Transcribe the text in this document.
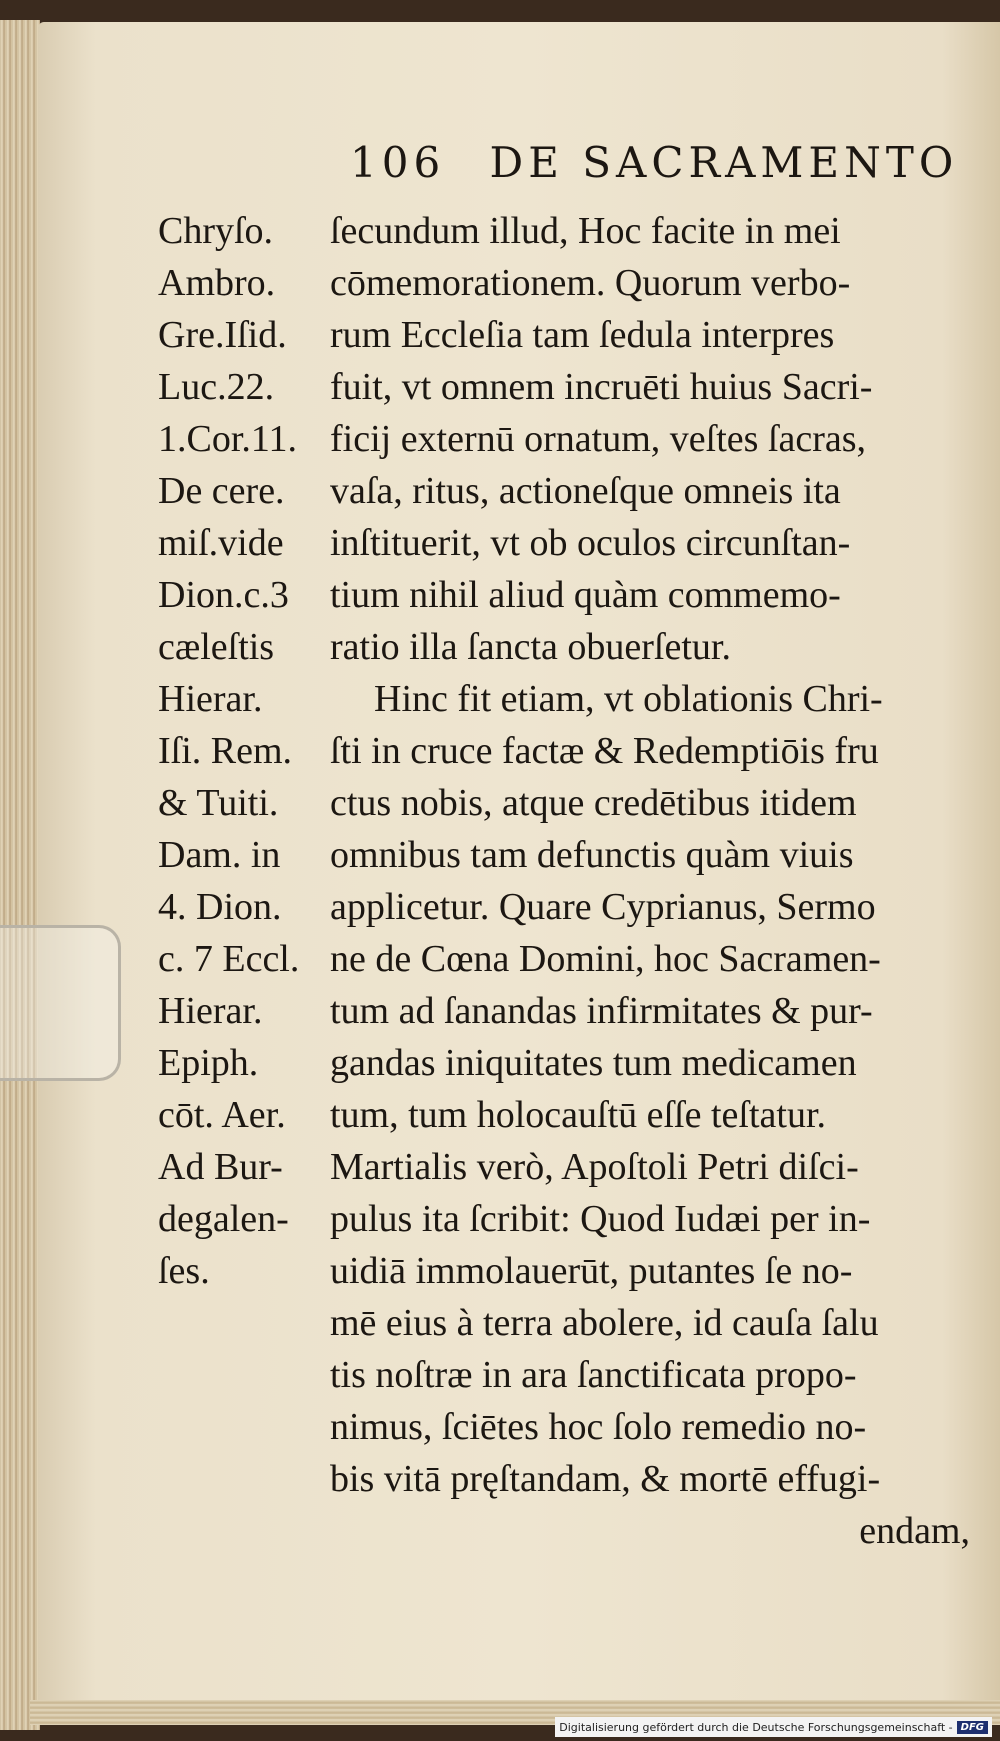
106 DE SACRAMENTO
Chryſo.
Ambro.
Gre.Iſid.
Luc.22.
1.Cor.11.
De cere.
miſ.vide
Dion.c.3
cæleſtis
Hierar.
Iſi. Rem.
& Tuiti.
Dam. in
4. Dion.
c. 7 Eccl.
Hierar.
Epiph.
cōt. Aer.
Ad Bur-
degalen-
ſes.
ſecundum illud, Hoc facite in mei
cōmemorationem. Quorum verbo-
rum Eccleſia tam ſedula interpres
fuit, vt omnem incruēti huius Sacri-
ficij externū ornatum, veſtes ſacras,
vaſa, ritus, actioneſque omneis ita
inſtituerit, vt ob oculos circunſtan-
tium nihil aliud quàm commemo-
ratio illa ſancta obuerſetur.
Hinc fit etiam, vt oblationis Chri-
ſti in cruce factæ & Redemptiōis fru
ctus nobis, atque credētibus itidem
omnibus tam defunctis quàm viuis
applicetur. Quare Cyprianus, Sermo
ne de Cœna Domini, hoc Sacramen-
tum ad ſanandas infirmitates & pur-
gandas iniquitates tum medicamen
tum, tum holocauſtū eſſe teſtatur.
Martialis verò, Apoſtoli Petri diſci-
pulus ita ſcribit: Quod Iudæi per in-
uidiā immolauerūt, putantes ſe no-
mē eius à terra abolere, id cauſa ſalu
tis noſtræ in ara ſanctificata propo-
nimus, ſciētes hoc ſolo remedio no-
bis vitā pręſtandam, & mortē effugi-
endam,
Digitalisierung gefördert durch die Deutsche Forschungsgemeinschaft - DFG
